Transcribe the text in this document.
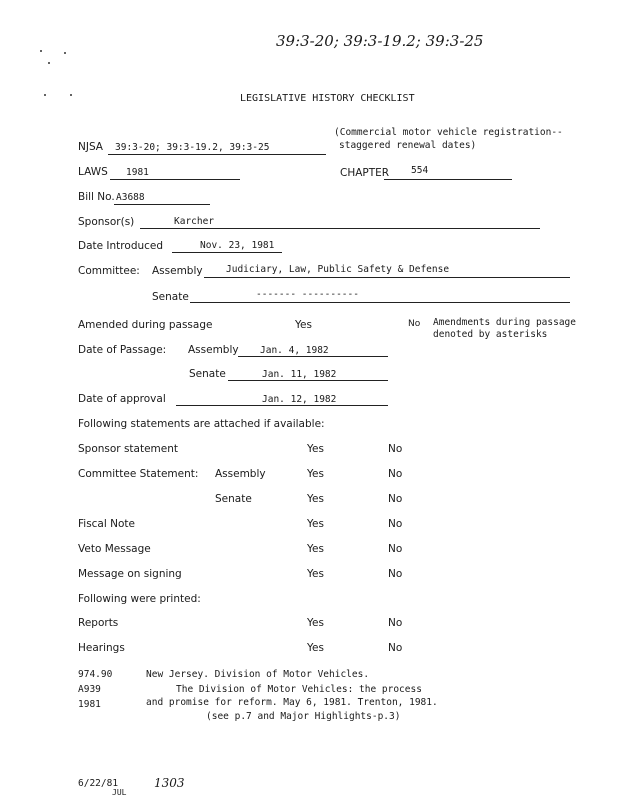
39:3-20; 39:3-19.2; 39:3-25
LEGISLATIVE HISTORY CHECKLIST
NJSA 39:3-20; 39:3-19.2, 39:3-25
(Commercial motor vehicle registration--
staggered renewal dates)
LAWS 1981	CHAPTER 554
Bill No. A3688
Sponsor(s)	Karcher
Date Introduced	Nov. 23, 1981
Committee: Assembly Judiciary, Law, Public Safety & Defense
Senate	------- ----------
Amended during passage	Yes	No Amendments during passage
denoted by asterisks
Date of Passage: Assembly Jan. 4, 1982
Senate	Jan. 11, 1982
Date of approval	Jan. 12, 1982
Following statements are attached if available:
Sponsor statement	Yes	No
Committee Statement: Assembly	Yes	No
Senate	Yes	No
Fiscal Note	Yes	No
Veto Message	Yes	No
Message on signing	Yes	No
Following were printed:
Reports	Yes	No
Hearings	Yes	No
974.90
A939
1981
New Jersey. Division of Motor Vehicles.
The Division of Motor Vehicles: the process
and promise for reform. May 6, 1981. Trenton, 1981.
(see p.7 and Major Highlights-p.3)
6/22/81
JUL
1303
